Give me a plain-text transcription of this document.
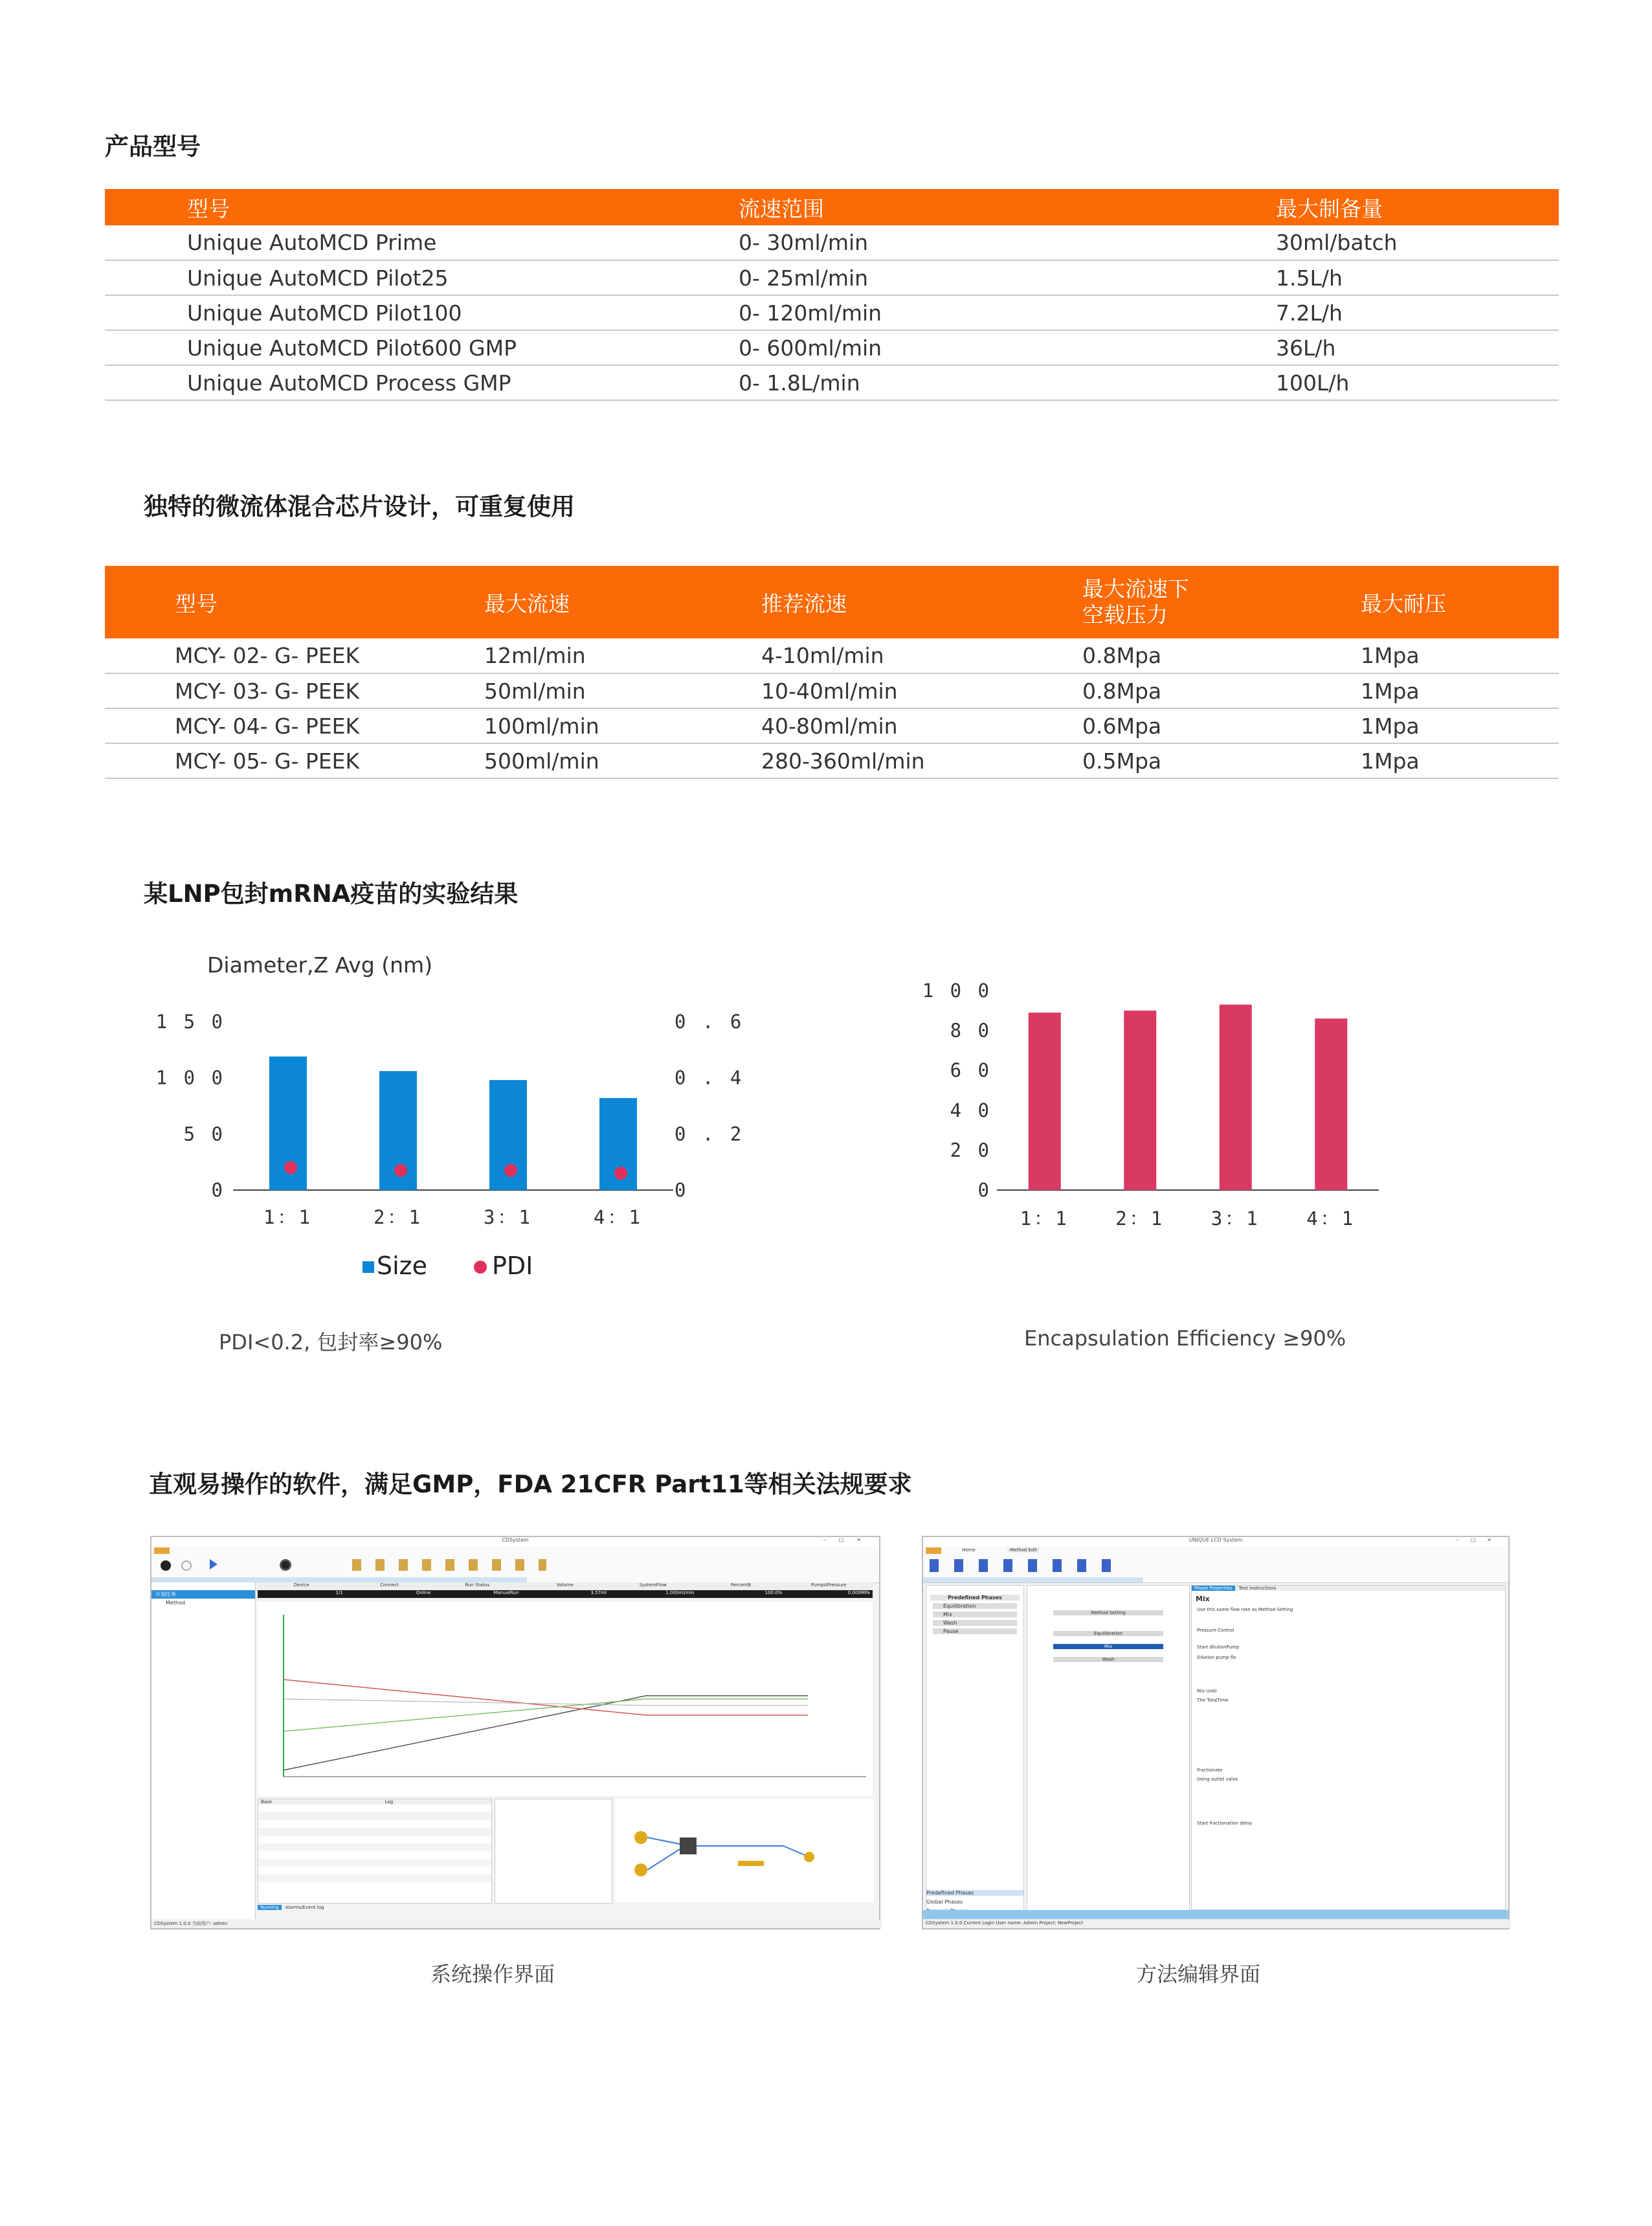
产品型号
	型号	流速范围	最大制备量
	Unique AutoMCD Prime	0- 30ml/min	30ml/batch
	Unique AutoMCD Pilot25	0- 25ml/min	1.5L/h
	Unique AutoMCD Pilot100	0- 120ml/min	7.2L/h
	Unique AutoMCD Pilot600 GMP	0- 600ml/min	36L/h
	Unique AutoMCD Process GMP	0- 1.8L/min	100L/h
独特的微流体混合芯片设计，可重复使用
	型号	最大流速	推荐流速	最大流速下
空载压力	最大耐压
	MCY- 02- G- PEEK	12ml/min	4-10ml/min	0.8Mpa	1Mpa
	MCY- 03- G- PEEK	50ml/min	10-40ml/min	0.8Mpa	1Mpa
	MCY- 04- G- PEEK	100ml/min	40-80ml/min	0.6Mpa	1Mpa
	MCY- 05- G- PEEK	500ml/min	280-360ml/min	0.5Mpa	1Mpa
某LNP包封mRNA疫苗的实验结果
Diameter,Z Avg (nm)
0
5 0
1 0 0
1 5 0
0
0 . 2
0 . 4
0 . 6
1：1	2：1	3：1	4：1
Size	PDI
0
2 0
4 0
6 0
8 0
1 0 0
1：1 2：1 3：1 4：1
PDI<0.2, 包封率≥90%	Encapsulation Efficiency ≥90%
直观易操作的软件，满足GMP，FDA 21CFR Part11等相关法规要求
CDSystem	–□✕
计划任务
Method
Device	Connect	Run Status	Volume	SystemFlow	PercentB	PumpAPressure
1/1	Online	ManualRun	3.57ml	1.000ml/min	100.0%	0.000MPa
Base	Log
Running Alarms/Event log
CDSystem 1.0.0 当前用户: admin
UNIQUE LCD System	–□✕
Home	Method Edit
Predefined Phases
Equilibration
Mix
Wash
Pause
Predefined Phases
Global Phases
Method Setting
Equilibration
Mix
Wash
Phase Properties Text instructions
Mix
Use this same flow rate as Method Setting
Pressure Control
Start dilutionPump
Dilution pump flo
Mix Until
The TotalTime
Fractionate
Using outlet valve
Start fractionation delay
CDSystem 1.0.0 Current Login User name: Admin Project: NewProject
系统操作界面	方法编辑界面
